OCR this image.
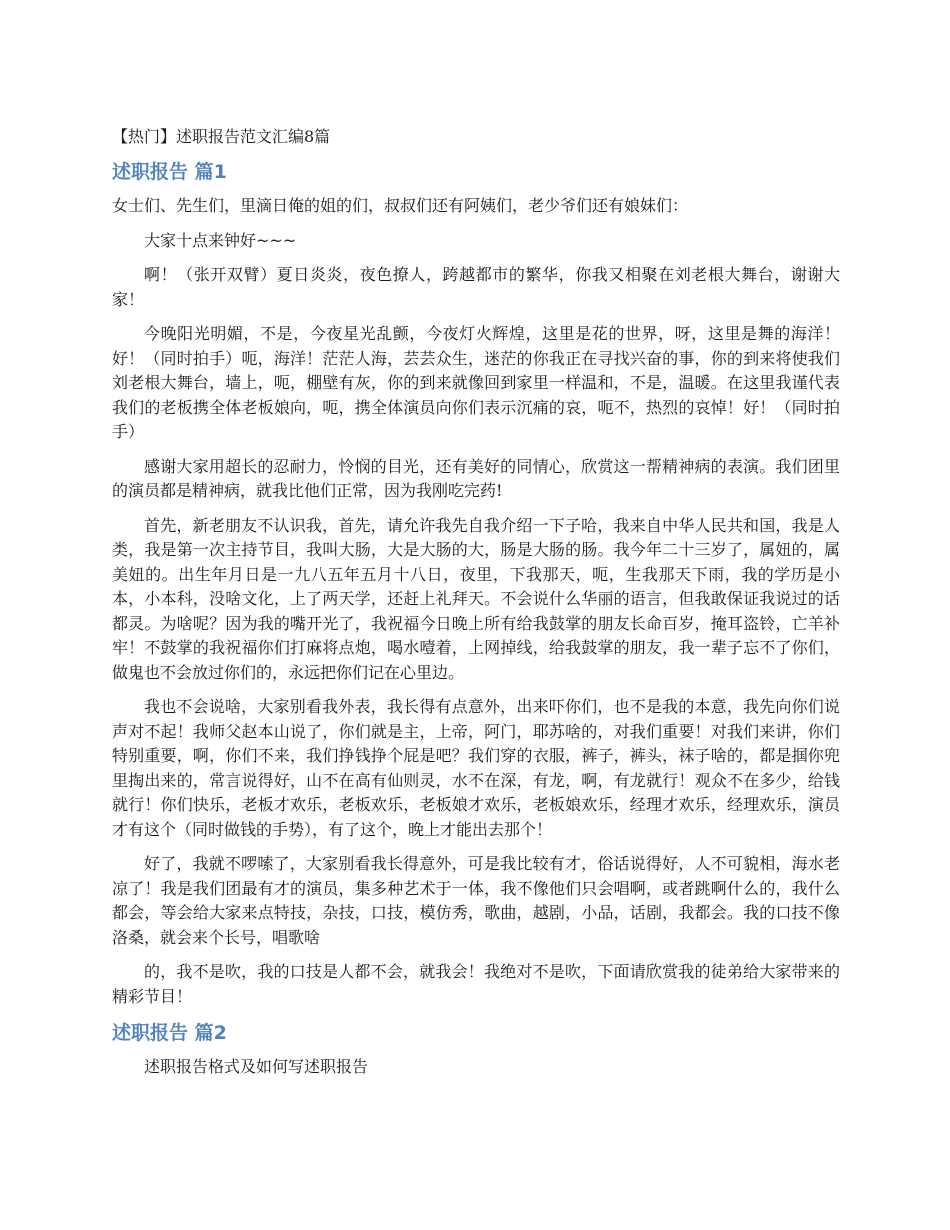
【热门】述职报告范文汇编8篇
述职报告 篇1

女士们、先生们，里滴日俺的姐的们，叔叔们还有阿姨们，老少爷们还有娘妹们：

大家十点来钟好~~~

啊！（张开双臂）夏日炎炎，夜色撩人，跨越都市的繁华，你我又相聚在刘老根大舞台，谢谢大家！

今晚阳光明媚，不是，今夜星光乱颤，今夜灯火辉煌，这里是花的世界，呀，这里是舞的海洋！好！（同时拍手）呃，海洋！茫茫人海，芸芸众生，迷茫的你我正在寻找兴奋的事，你的到来将使我们刘老根大舞台，墙上，呃，棚壁有灰，你的到来就像回到家里一样温和，不是，温暖。在这里我谨代表我们的老板携全体老板娘向，呃，携全体演员向你们表示沉痛的哀，呃不，热烈的哀悼！好！（同时拍手）

感谢大家用超长的忍耐力，怜悯的目光，还有美好的同情心，欣赏这一帮精神病的表演。我们团里的演员都是精神病，就我比他们正常，因为我刚吃完药!

首先，新老朋友不认识我，首先，请允许我先自我介绍一下子哈，我来自中华人民共和国，我是人类，我是第一次主持节目，我叫大肠，大是大肠的大，肠是大肠的肠。我今年二十三岁了，属妞的，属美妞的。出生年月日是一九八五年五月十八日，夜里，下我那天，呃，生我那天下雨，我的学历是小本，小本科，没啥文化，上了两天学，还赶上礼拜天。不会说什么华丽的语言，但我敢保证我说过的话都灵。为啥呢？因为我的嘴开光了，我祝福今日晚上所有给我鼓掌的朋友长命百岁，掩耳盗铃，亡羊补牢！不鼓掌的我祝福你们打麻将点炮，喝水噎着，上网掉线，给我鼓掌的朋友，我一辈子忘不了你们，做鬼也不会放过你们的，永远把你们记在心里边。

我也不会说啥，大家别看我外表，我长得有点意外，出来吓你们，也不是我的本意，我先向你们说声对不起！我师父赵本山说了，你们就是主，上帝，阿门，耶苏啥的，对我们重要！对我们来讲，你们特别重要，啊，你们不来，我们挣钱挣个屁是吧？我们穿的衣服，裤子，裤头，袜子啥的，都是掴你兜里掏出来的，常言说得好，山不在高有仙则灵，水不在深，有龙，啊，有龙就行！观众不在多少，给钱就行！你们快乐，老板才欢乐，老板欢乐，老板娘才欢乐，老板娘欢乐，经理才欢乐，经理欢乐，演员才有这个（同时做钱的手势），有了这个，晚上才能出去那个！

好了，我就不啰嗦了，大家别看我长得意外，可是我比较有才，俗话说得好，人不可貌相，海水老凉了！我是我们团最有才的演员，集多种艺术于一体，我不像他们只会唱啊，或者跳啊什么的，我什么都会，等会给大家来点特技，杂技，口技，模仿秀，歌曲，越剧，小品，话剧，我都会。我的口技不像洛桑，就会来个长号，唱歌啥

的，我不是吹，我的口技是人都不会，就我会！我绝对不是吹，下面请欣赏我的徒弟给大家带来的精彩节目！

述职报告 篇2

述职报告格式及如何写述职报告
